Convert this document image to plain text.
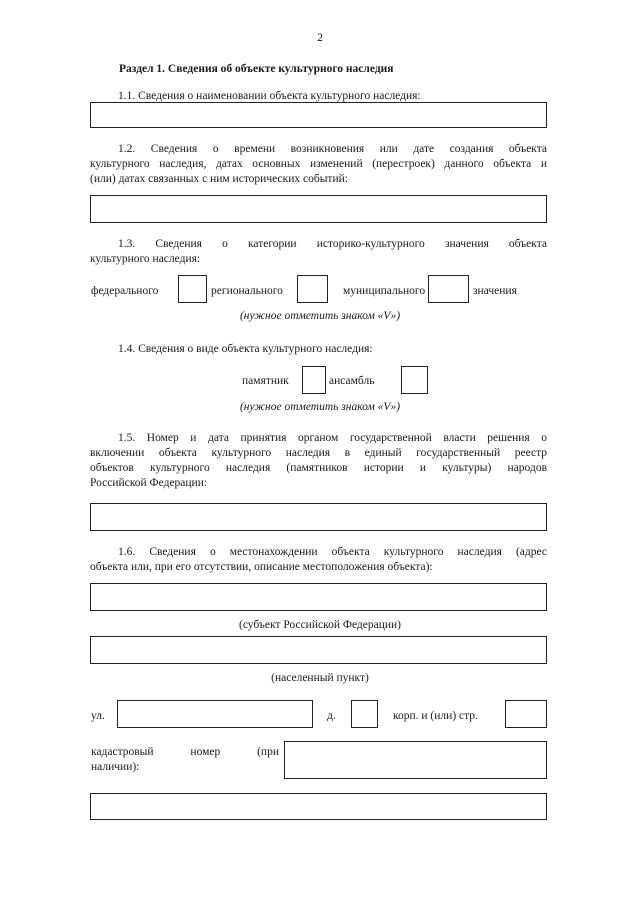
2
Раздел 1. Сведения об объекте культурного наследия
1.1. Сведения о наименовании объекта культурного наследия:
1.2. Сведения о времени возникновения или дате создания объекта
культурного наследия, датах основных изменений (перестроек) данного объекта и
(или) датах связанных с ним исторических событий:
1.3. Сведения о категории историко-культурного значения объекта
культурного наследия:
федерального	регионального	муниципального	значения
(нужное отметить знаком «V»)
1.4. Сведения о виде объекта культурного наследия:
памятник	ансамбль
(нужное отметить знаком «V»)
1.5. Номер и дата принятия органом государственной власти решения о
включении объекта культурного наследия в единый государственный реестр
объектов культурного наследия (памятников истории и культуры) народов
Российской Федерации:
1.6. Сведения о местонахождении объекта культурного наследия (адрес
объекта или, при его отсутствии, описание местоположения объекта):
(субъект Российской Федерации)
(населенный пункт)
ул.	д.	корп. и (или) стр.
кадастровый номер (при
наличии):
